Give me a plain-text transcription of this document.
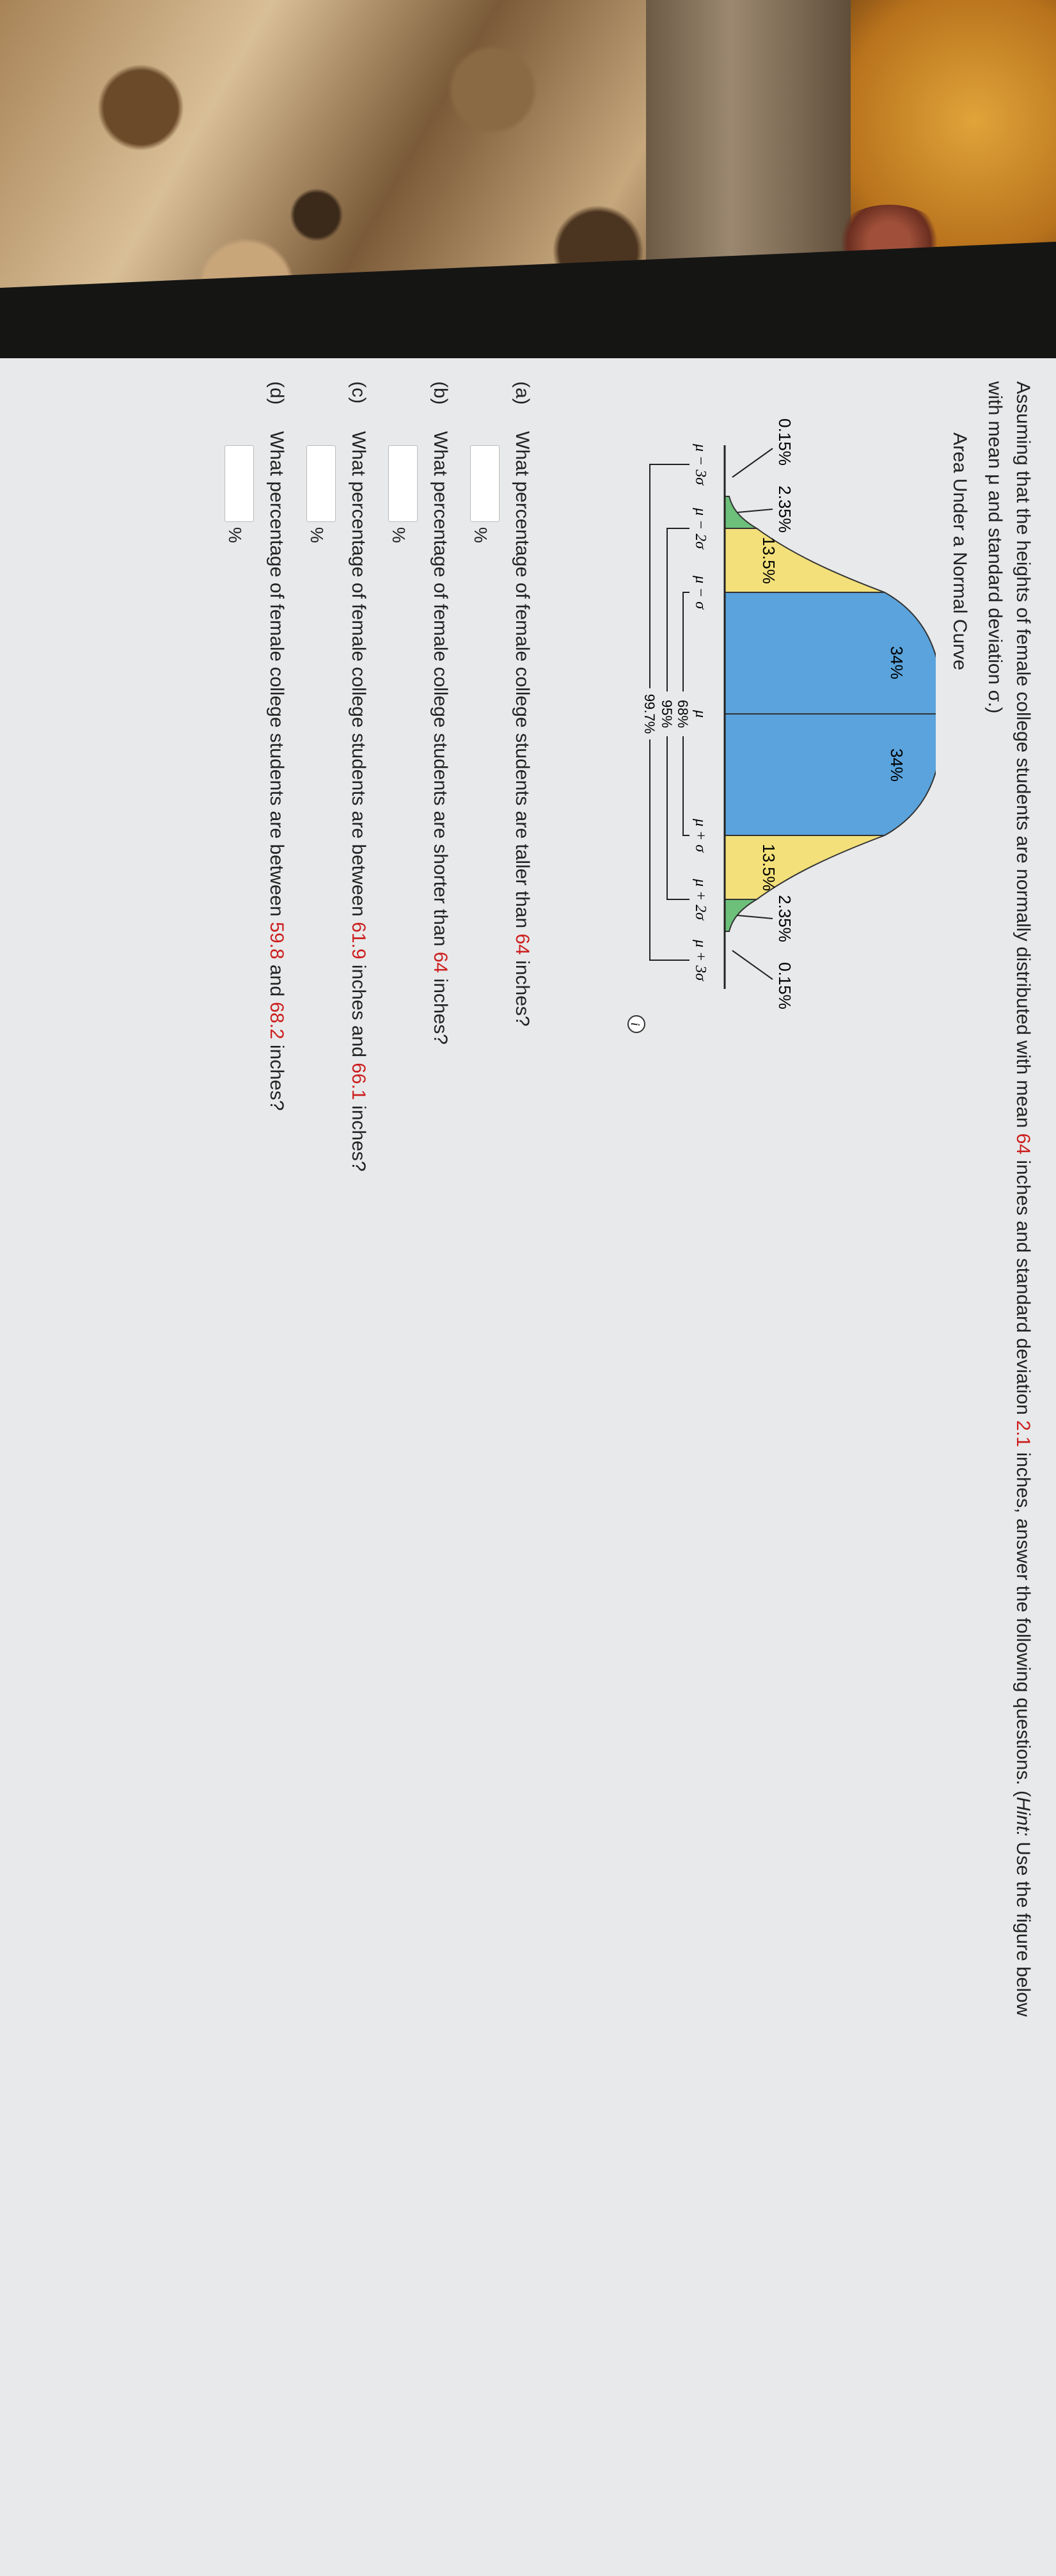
Assuming that the heights of female college students are normally distributed with mean 64 inches and standard deviation 2.1 inches, answer the following questions. (Hint: Use the figure below
with mean μ and standard deviation σ.)
Area Under a Normal Curve
34%
34%
13.5%
13.5%
2.35%
2.35%
0.15%
0.15%
μ − 3σ
μ − 2σ
μ − σ
μ
μ + σ
μ + 2σ
μ + 3σ
68%
95%
99.7%
i
(a)What percentage of female college students are taller than 64 inches?
%
(b)What percentage of female college students are shorter than 64 inches?
%
(c)What percentage of female college students are between 61.9 inches and 66.1 inches?
%
(d)What percentage of female college students are between 59.8 and 68.2 inches?
%
